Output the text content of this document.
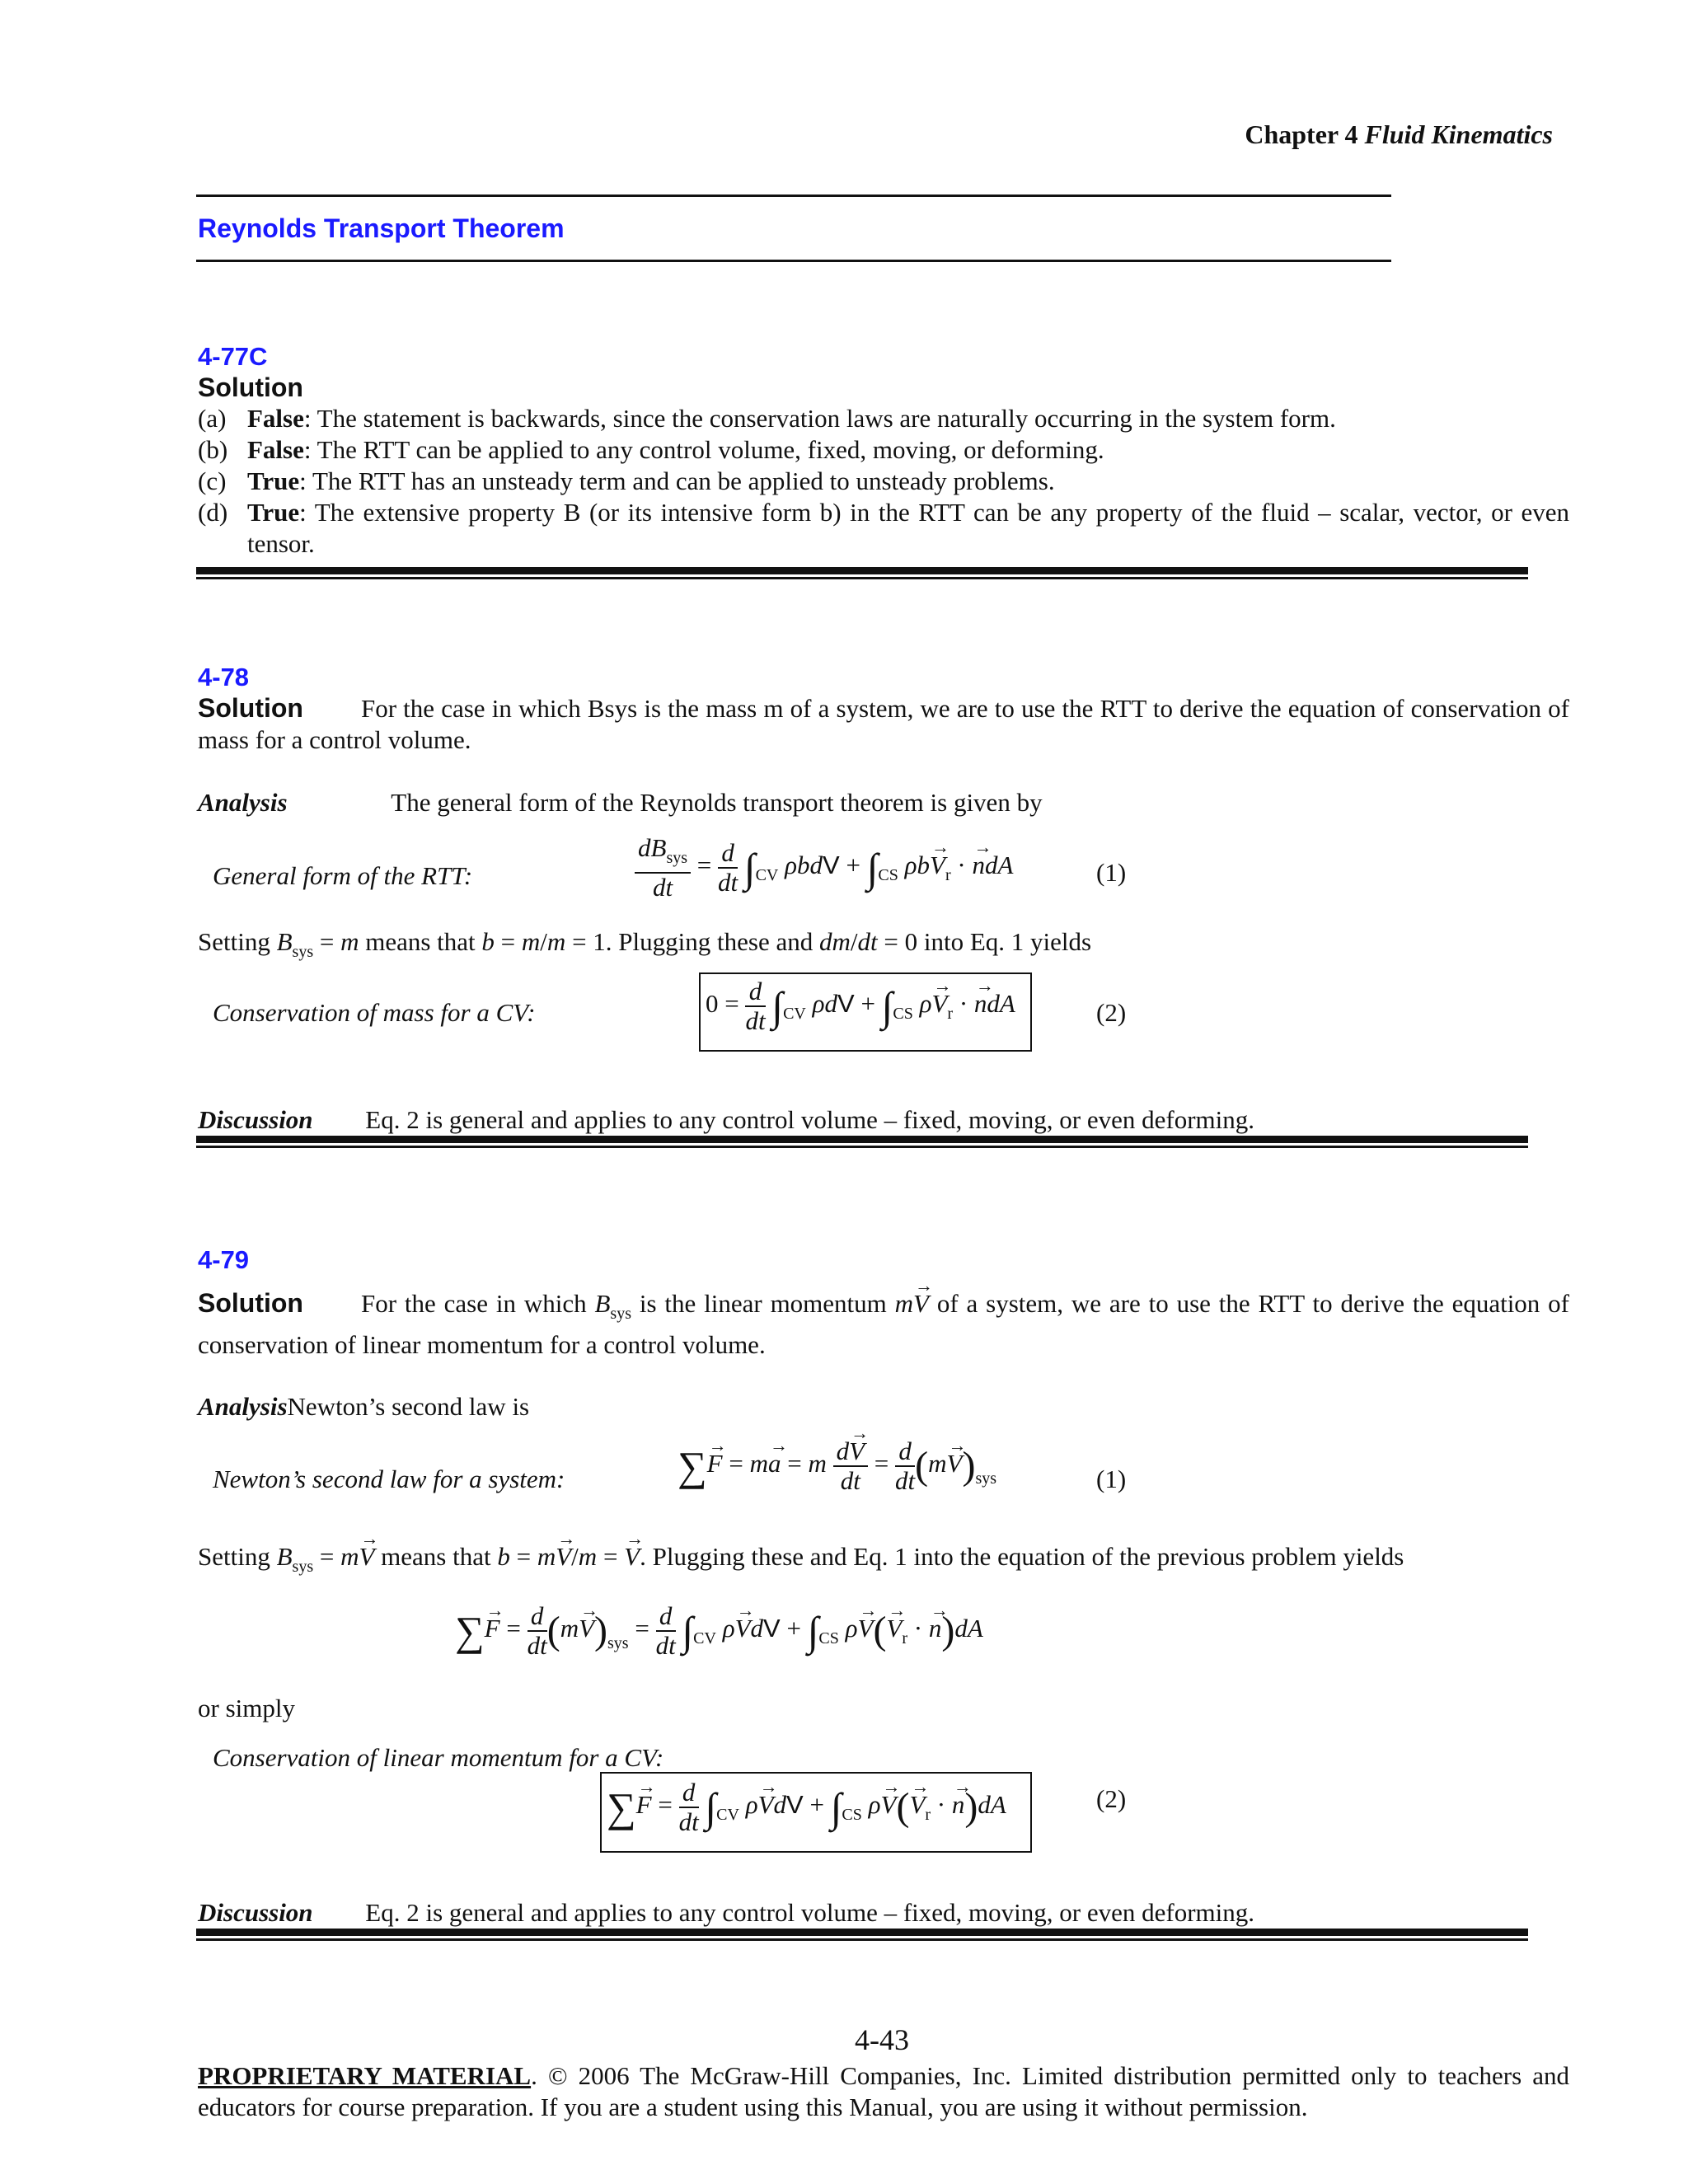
Chapter 4 Fluid Kinematics
Reynolds Transport Theorem
4-77C
Solution
(a) False: The statement is backwards, since the conservation laws are naturally occurring in the system form.
(b) False: The RTT can be applied to any control volume, fixed, moving, or deforming.
(c) True: The RTT has an unsteady term and can be applied to unsteady problems.
(d) True: The extensive property B (or its intensive form b) in the RTT can be any property of the fluid – scalar, vector, or even tensor.
4-78
Solution For the case in which Bsys is the mass m of a system, we are to use the RTT to derive the equation of conservation of mass for a control volume.
Analysis	The general form of the Reynolds transport theorem is given by
General form of the RTT:	$\frac{dB_{sys}}{dt} = \frac{d}{dt} \int_{CV}$ $\rho bdV + \int_{CS}$ $\rho b\to V_r$ · → ndA	(1)
Setting $B_{sys} = m$ means that b = m/m = 1. Plugging these and dm/dt = 0 into Eq. 1 yields
Conservation of mass for a CV:	$0 = \frac{d}{dt} \int_{CV}$ $\rho dV + \int_{CS}$ $\rho\to V_r$ · → ndA	(2)
Discussion Eq. 2 is general and applies to any control volume – fixed, moving, or even deforming.
4-79
Solution For the case in which $B_{sys}$ is the linear momentum m→ V of a system, we are to use the RTT to derive the equation of conservation of linear momentum for a control volume.
AnalysisNewton’s second law is
Newton’s second law for a system:	∑→ F = m→ a = m $\frac{d\to V}{dt} = \frac{d}{dt} (m\to V)_{sys}$	(1)
Setting $B_{sys} = m\to V$ means that b = m→ V/m = → V. Plugging these and Eq. 1 into the equation of the previous problem yields
∑→ $F = \frac{d}{dt} (m\to V)_{sys} = \frac{d}{dt} \int_{CV}$ ρ→ VdV + $\int_{CS}$ $\rho\to V(\to V_r$ · → n)dA
or simply
Conservation of linear momentum for a CV:
∑→ $F = \frac{d}{dt} \int_{CV}$ ρ→ VdV + $\int_{CS}$ $\rho\to V(\to V_r$ · → n)dA	(2)
Discussion Eq. 2 is general and applies to any control volume – fixed, moving, or even deforming.
4-43
PROPRIETARY MATERIAL. © 2006 The McGraw-Hill Companies, Inc. Limited distribution permitted only to teachers and educators for course preparation. If you are a student using this Manual, you are using it without permission.
